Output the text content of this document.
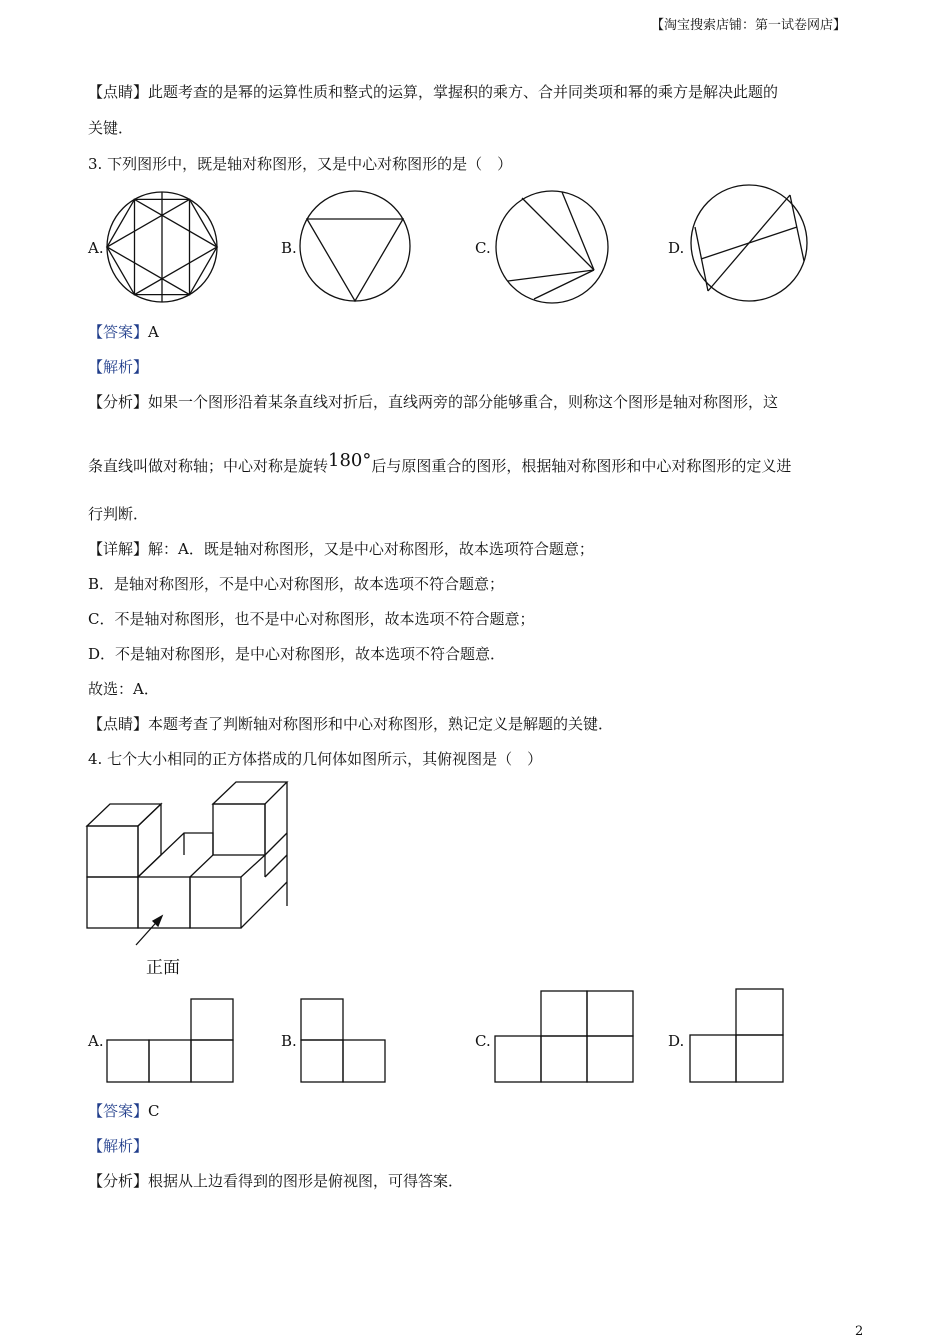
【淘宝搜索店铺：第一试卷网店】
【点睛】此题考查的是幂的运算性质和整式的运算，掌握积的乘方、合并同类项和幂的乘方是解决此题的
关键．
3. 下列图形中，既是轴对称图形，又是中心对称图形的是（　）
A.	B.	C.	D.
【答案】A
【解析】
【分析】如果一个图形沿着某条直线对折后，直线两旁的部分能够重合，则称这个图形是轴对称图形，这
条直线叫做对称轴；中心对称是旋转180°后与原图重合的图形，根据轴对称图形和中心对称图形的定义进
行判断．
【详解】解：A．既是轴对称图形，又是中心对称图形，故本选项符合题意；
B．是轴对称图形，不是中心对称图形，故本选项不符合题意；
C．不是轴对称图形，也不是中心对称图形，故本选项不符合题意；
D．不是轴对称图形，是中心对称图形，故本选项不符合题意．
故选：A．
【点睛】本题考查了判断轴对称图形和中心对称图形，熟记定义是解题的关键．
4. 七个大小相同的正方体搭成的几何体如图所示，其俯视图是（　）
正面
A.	B.	C.	D.
【答案】C
【解析】
【分析】根据从上边看得到的图形是俯视图，可得答案．
2
